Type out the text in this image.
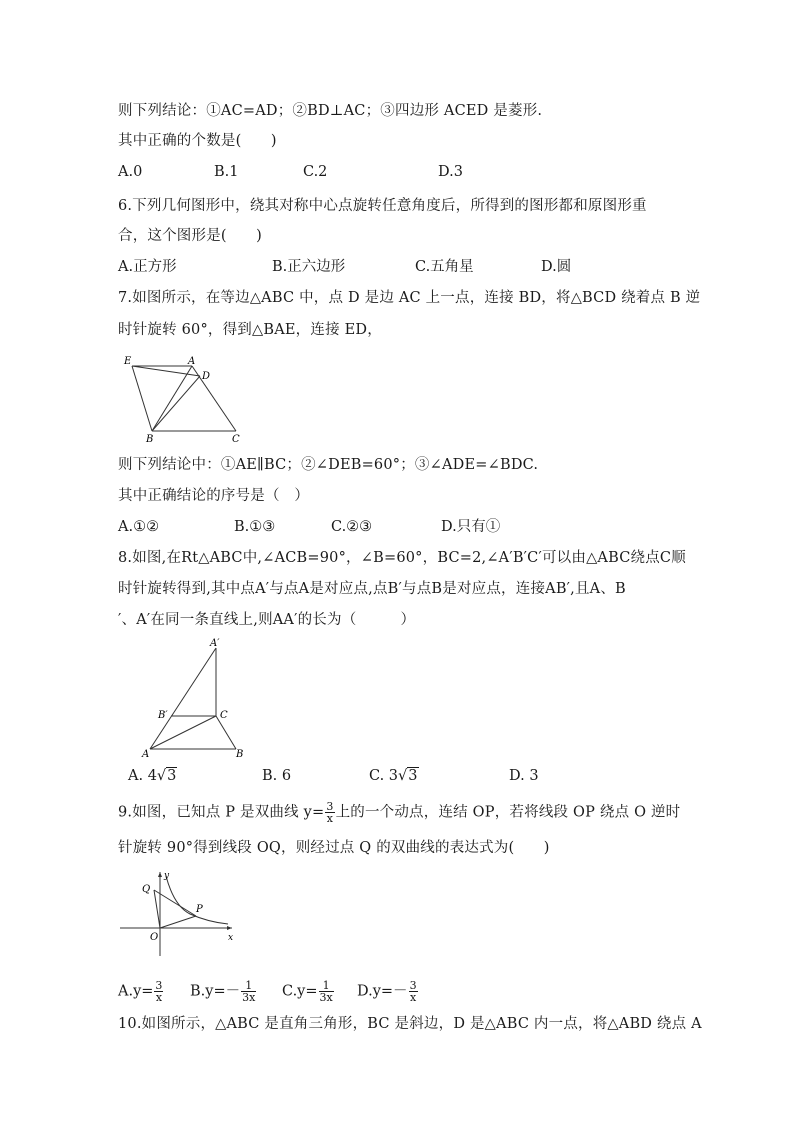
则下列结论：①AC=AD；②BD⊥AC；③四边形 ACED 是菱形.
其中正确的个数是(　　)
A.0	B.1	C.2	D.3
6.下列几何图形中，绕其对称中心点旋转任意角度后，所得到的图形都和原图形重
合，这个图形是(　　)
A.正方形	B.正六边形	C.五角星	D.圆
7.如图所示，在等边△ABC 中，点 D 是边 AC 上一点，连接 BD，将△BCD 绕着点 B 逆
时针旋转 60°，得到△BAE，连接 ED，
E	A
D
B	C
则下列结论中：①AE∥BC；②∠DEB=60°；③∠ADE=∠BDC.
其中正确结论的序号是（　）
A.①②	B.①③	C.②③	D.只有①
8.如图,在Rt△ABC中,∠ACB=90°，∠B=60°，BC=2,∠A′B′C′可以由△ABC绕点C顺
时针旋转得到,其中点A′与点A是对应点,点B′与点B是对应点，连接AB′,且A、B
′、A′在同一条直线上,则AA′的长为（　　　）
A′
B′	C
A	B
A. 4√3	B. 6	C. 3√3	D. 3
9.如图，已知点 P 是双曲线 $y= \frac{3}{x}$ 上的一个动点，连结 OP，若将线段 OP 绕点 O 逆时
针旋转 90°得到线段 OQ，则经过点 Q 的双曲线的表达式为(　　)
y
Q
P
O	x
$A.y= \frac{3}{x} B.y=- \frac{1}{3x} C.y= \frac{1}{3x} D.y=- \frac{3}{x}$
10.如图所示，△ABC 是直角三角形，BC 是斜边，D 是△ABC 内一点，将△ABD 绕点 A
